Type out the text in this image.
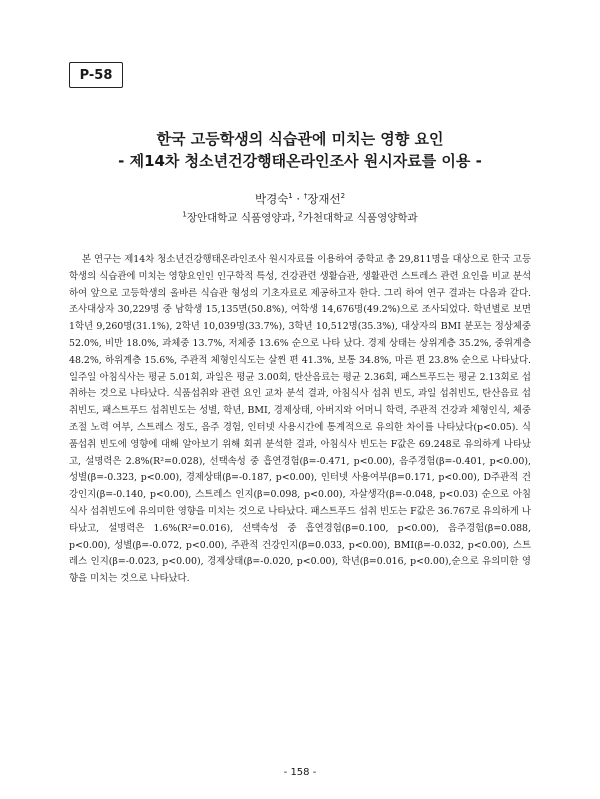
P-58
한국 고등학생의 식습관에 미치는 영향 요인
- 제14차 청소년건강행태온라인조사 원시자료를 이용 -
박경숙$^1$ · †장재선$^2$
$^1$장안대학교 식품영양과, $^2$가천대학교 식품영양학과

본 연구는 제14차 청소년건강행태온라인조사 원시자료를 이용하여 중학교 총 29,811명을 대상으로 한국 고등학생의 식습관에 미치는 영향요인인 인구학적 특성, 건강관련 생활습관, 생활관련 스트레스 관련 요인을 비교 분석하여 앞으로 고등학생의 올바른 식습관 형성의 기초자료로 제공하고자 한다. 그리 하여 연구 결과는 다음과 같다. 조사대상자 30,229명 중 남학생 15,135면(50.8%), 여학생 14,676명(49.2%)으로 조사되었다. 학년별로 보면 1학년 9,260명(31.1%), 2학년 10,039명(33.7%), 3학년 10,512명(35.3%), 대상자의 BMI 분포는 정상체중 52.0%, 비만 18.0%, 과체중 13.7%, 저체중 13.6% 순으로 나타 났다. 경제 상태는 상위계층 35.2%, 중위계층 48.2%, 하위계층 15.6%, 주관적 체형인식도는 살찐 편 41.3%, 보통 34.8%, 마른 편 23.8% 순으로 나타났다. 일주일 아침식사는 평균 5.01회, 과일은 평균 3.00회, 탄산음료는 평균 2.36회, 패스트푸드는 평균 2.13회로 섭취하는 것으로 나타났다. 식품섭취와 관련 요인 교차 분석 결과, 아침식사 섭취 빈도, 과일 섭취빈도, 탄산음료 섭취빈도, 패스트푸드 섭취빈도는 성별, 학년, BMI, 경제상태, 아버지와 어머니 학력, 주관적 건강과 체형인식, 체중조절 노력 여부, 스트레스 정도, 음주 경험, 인터넷 사용시간에 통계적으로 유의한 차이를 나타났다(p<0.05). 식품섭취 빈도에 영향에 대해 알아보기 위해 회귀 분석한 결과, 아침식사 빈도는 F값은 69.248로 유의하게 나타났고, 설명력은 2.8%(R²=0.028), 선택속성 중 흡연경험(β=-0.471, p<0.00), 음주경험(β=-0.401, p<0.00), 성별(β=-0.323, p<0.00), 경제상태(β=-0.187, p<0.00), 인터넷 사용여부(β=0.171, p<0.00), D주관적 건강인지(β=-0.140, p<0.00), 스트레스 인지(β=0.098, p<0.00), 자살생각(β=-0.048, p<0.03) 순으로 아침식사 섭취빈도에 유의미한 영향을 미치는 것으로 나타났다. 패스트푸드 섭취 빈도는 F값은 36.767로 유의하게 나타났고, 설명력은 1.6%(R²=0.016), 선택속성 중 흡연경험(β=0.100, p<0.00), 음주경험(β=0.088, p<0.00), 성별(β=-0.072, p<0.00), 주관적 건강인지(β=0.033, p<0.00), BMI(β=-0.032, p<0.00), 스트레스 인지(β=-0.023, p<0.00), 경제상태(β=-0.020, p<0.00), 학년(β=0.016, p<0.00),순으로 유의미한 영향을 미치는 것으로 나타났다.

- 158 -
